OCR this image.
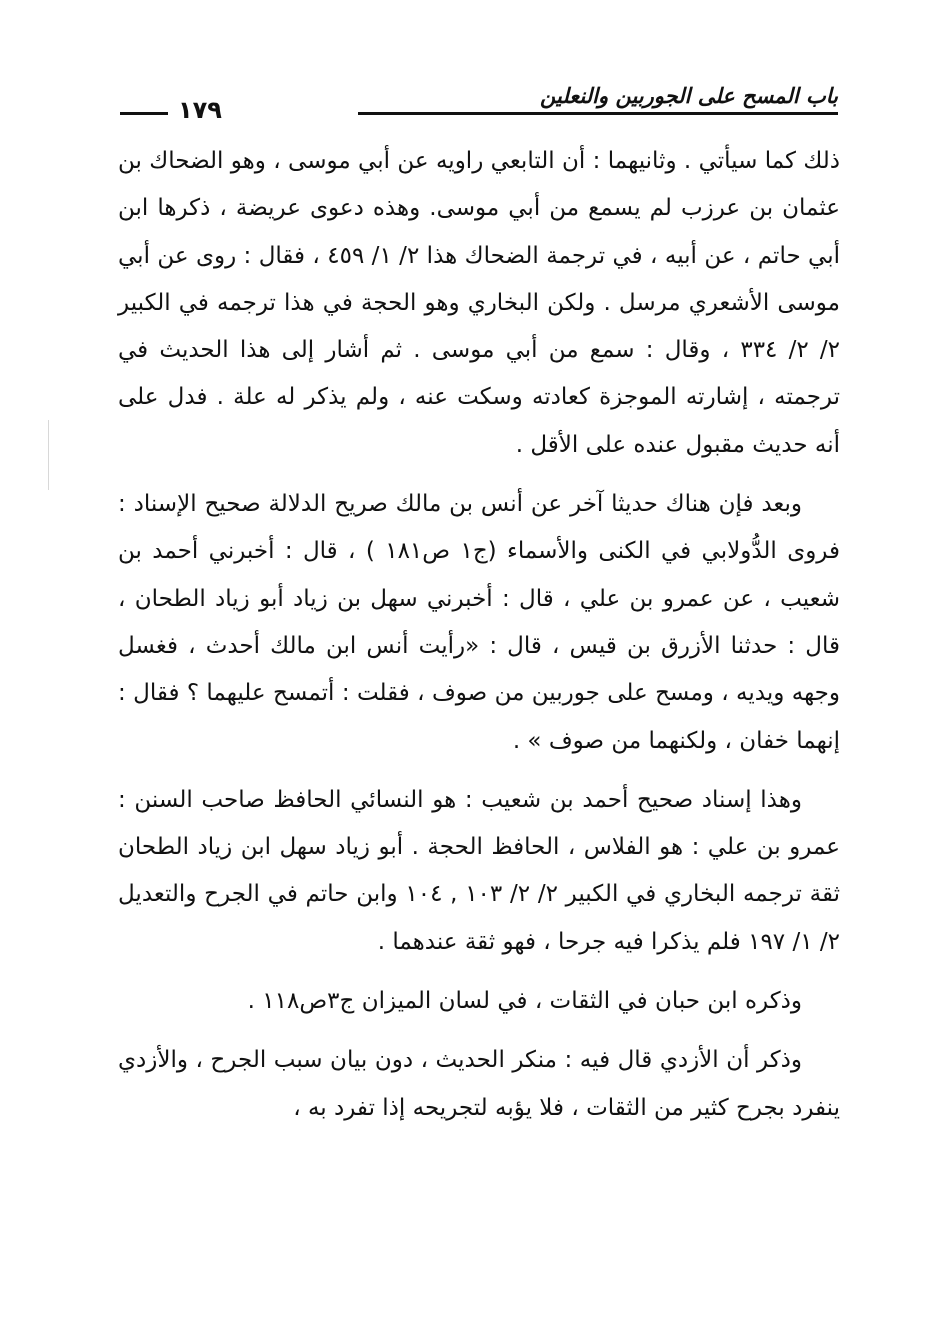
باب المسح على الجوربين والنعلين
١٧٩

ذلك كما سيأتي . وثانيهما : أن التابعي راويه عن أبي موسى ، وهو الضحاك بن عثمان بن عرزب لم يسمع من أبي موسى. وهذه دعوى عريضة ، ذكرها ابن أبي حاتم ، عن أبيه ، في ترجمة الضحاك هذا ٢/ ١/ ٤٥٩ ، فقال : روى عن أبي موسى الأشعري مرسل . ولكن البخاري وهو الحجة في هذا ترجمه في الكبير ٢/ ٢/ ٣٣٤ ، وقال : سمع من أبي موسى . ثم أشار إلى هذا الحديث في ترجمته ، إشارته الموجزة كعادته وسكت عنه ، ولم يذكر له علة . فدل على أنه حديث مقبول عنده على الأقل .

وبعد فإن هناك حديثا آخر عن أنس بن مالك صريح الدلالة صحيح الإسناد : فروى الدُّولابي في الكنى والأسماء (ج١ ص١٨١ ) ، قال : أخبرني أحمد بن شعيب ، عن عمرو بن علي ، قال : أخبرني سهل بن زياد أبو زياد الطحان ، قال : حدثنا الأزرق بن قيس ، قال : «رأيت أنس ابن مالك أحدث ، فغسل وجهه ويديه ، ومسح على جوربين من صوف ، فقلت : أتمسح عليهما ؟ فقال : إنهما خفان ، ولكنهما من صوف » .

وهذا إسناد صحيح أحمد بن شعيب : هو النسائي الحافظ صاحب السنن : عمرو بن علي : هو الفلاس ، الحافظ الحجة . أبو زياد سهل ابن زياد الطحان ثقة ترجمه البخاري في الكبير ٢/ ٢/ ١٠٣ , ١٠٤ وابن حاتم في الجرح والتعديل ٢/ ١/ ١٩٧ فلم يذكرا فيه جرحا ، فهو ثقة عندهما .

وذكره ابن حبان في الثقات ، في لسان الميزان ج٣ص١١٨ .

وذكر أن الأزدي قال فيه : منكر الحديث ، دون بيان سبب الجرح ، والأزدي ينفرد بجرح كثير من الثقات ، فلا يؤبه لتجريحه إذا تفرد به ،
